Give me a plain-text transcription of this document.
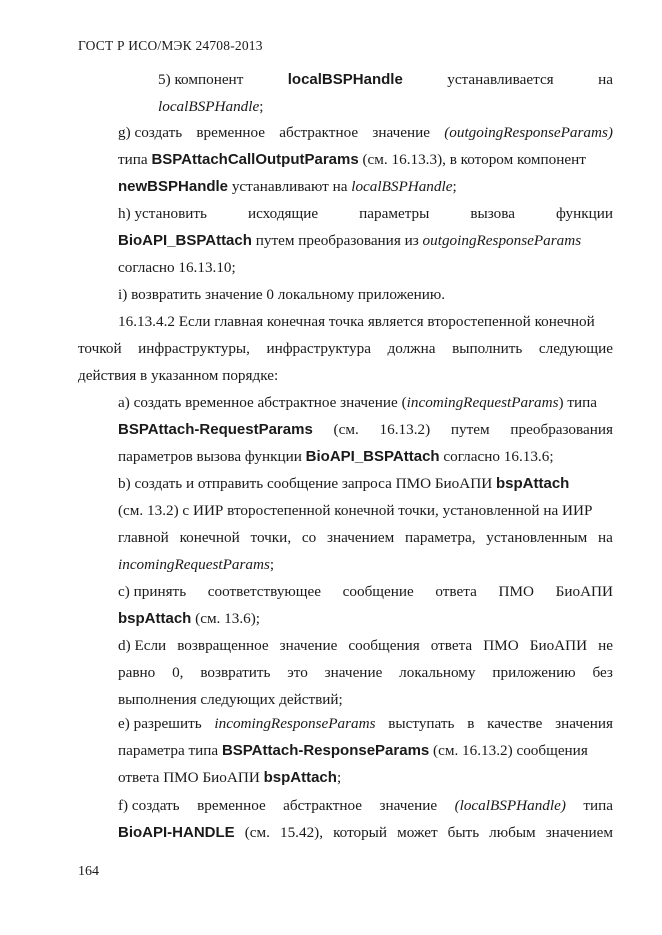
ГОСТ Р ИСО/МЭК 24708-2013
5) компонент	localBSPHandle	устанавливается	на
localBSPHandle;
g) создать временное абстрактное значение (outgoingResponseParams)
типа BSPAttachCallOutputParams (см. 16.13.3), в котором компонент
newBSPHandle устанавливают на localBSPHandle;
h) установить	исходящие	параметры	вызова	функции
BioAPI_BSPAttach путем преобразования из outgoingResponseParams
согласно 16.13.10;
i) возвратить значение 0 локальному приложению.
16.13.4.2 Если главная конечная точка является второстепенной конечной
точкой инфраструктуры, инфраструктура должна выполнить следующие
действия в указанном порядке:
a) создать временное абстрактное значение (incomingRequestParams) типа
BSPAttach-RequestParams (см. 16.13.2) путем преобразования
параметров вызова функции BioAPI_BSPAttach согласно 16.13.6;
b) создать и отправить сообщение запроса ПМО БиоАПИ bspAttach
(см. 13.2) с ИИР второстепенной конечной точки, установленной на ИИР
главной конечной точки, со значением параметра, установленным на
incomingRequestParams;
c) принять соответствующее сообщение ответа ПМО БиоАПИ
bspAttach (см. 13.6);
d) Если возвращенное значение сообщения ответа ПМО БиоАПИ не
равно 0, возвратить это значение локальному приложению без
выполнения следующих действий;
e) разрешить incomingResponseParams выступать в качестве значения
параметра типа BSPAttach-ResponseParams (см. 16.13.2) сообщения
ответа ПМО БиоАПИ bspAttach;
f) создать временное абстрактное значение (localBSPHandle) типа
BioAPI-HANDLE (см. 15.42), который может быть любым значением
164
